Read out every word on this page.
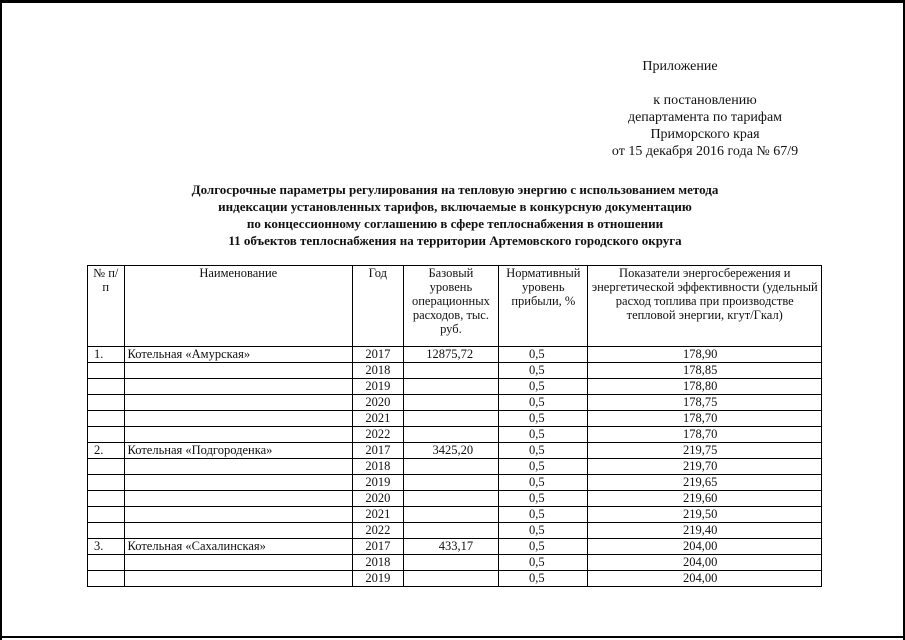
Приложение
к постановлению
департамента по тарифам
Приморского края
от 15 декабря 2016 года № 67/9
Долгосрочные параметры регулирования на тепловую энергию с использованием метода
индексации установленных тарифов, включаемые в конкурсную документацию
по концессионному соглашению в сфере теплоснабжения в отношении
11 объектов теплоснабжения на территории Артемовского городского округа
№ п/п	Наименование	Год	Базовый уровень операционных расходов, тыс. руб.	Нормативный уровень прибыли, %	Показатели энергосбережения и энергетической эффективности (удельный расход топлива при производстве тепловой энергии, кгут/Гкал)
1.	Котельная «Амурская»	2017	12875,72	0,5	178,90
		2018		0,5	178,85
		2019		0,5	178,80
		2020		0,5	178,75
		2021		0,5	178,70
		2022		0,5	178,70
2.	Котельная «Подгороденка»	2017	3425,20	0,5	219,75
		2018		0,5	219,70
		2019		0,5	219,65
		2020		0,5	219,60
		2021		0,5	219,50
		2022		0,5	219,40
3.	Котельная «Сахалинская»	2017	433,17	0,5	204,00
		2018		0,5	204,00
		2019		0,5	204,00
